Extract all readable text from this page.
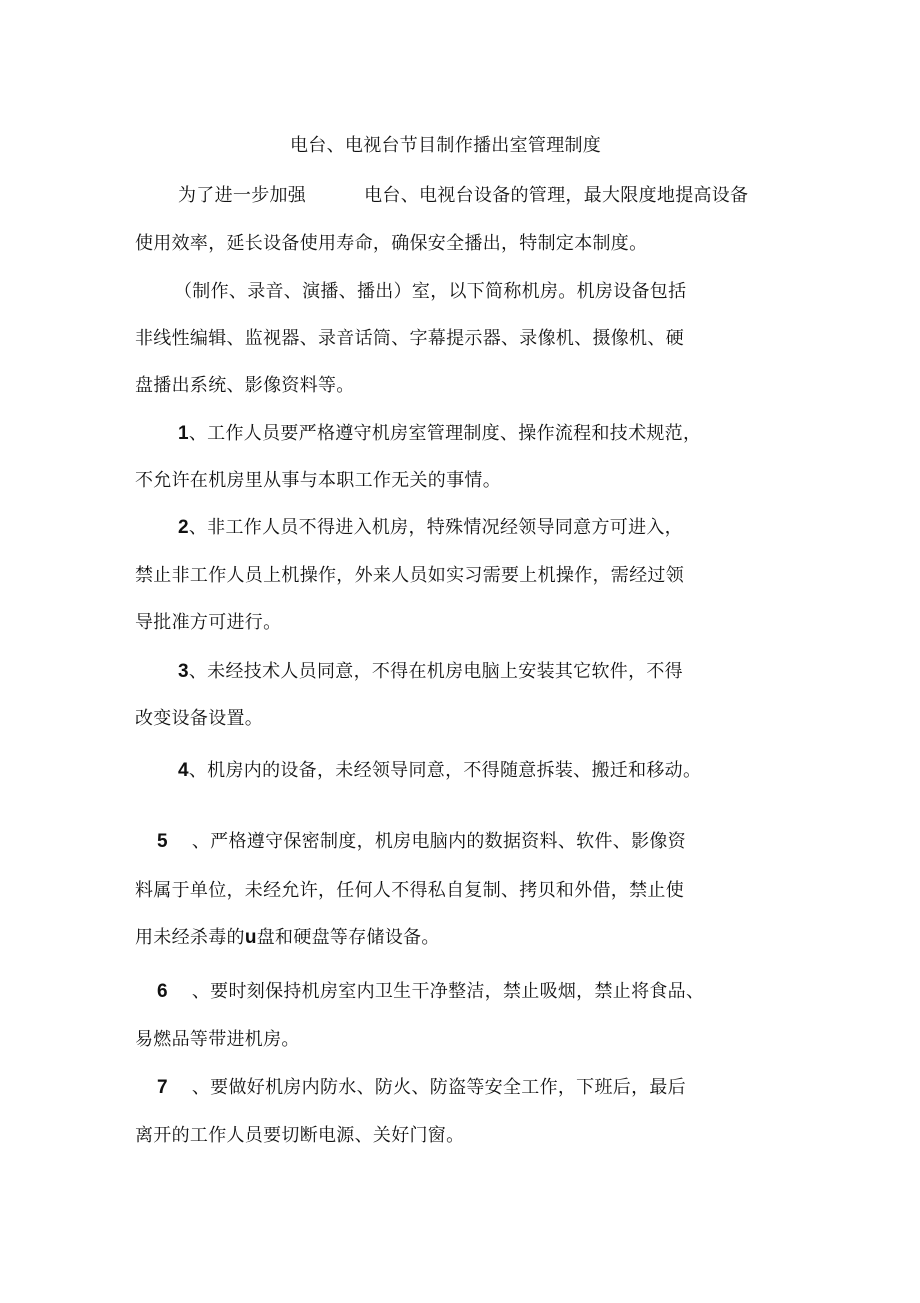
电台、电视台节目制作播出室管理制度
为了进一步加强	电台、电视台设备的管理，最大限度地提高设备
使用效率，延长设备使用寿命，确保安全播出，特制定本制度。
（制作、录音、演播、播出）室，以下简称机房。机房设备包括
非线性编辑、监视器、录音话筒、字幕提示器、录像机、摄像机、硬
盘播出系统、影像资料等。
1、工作人员要严格遵守机房室管理制度、操作流程和技术规范，
不允许在机房里从事与本职工作无关的事情。
2、非工作人员不得进入机房，特殊情况经领导同意方可进入，
禁止非工作人员上机操作，外来人员如实习需要上机操作，需经过领
导批准方可进行。
3、未经技术人员同意，不得在机房电脑上安装其它软件，不得
改变设备设置。
4、机房内的设备，未经领导同意，不得随意拆装、搬迁和移动。
5 、严格遵守保密制度，机房电脑内的数据资料、软件、影像资
料属于单位，未经允许，任何人不得私自复制、拷贝和外借，禁止使
用未经杀毒的u盘和硬盘等存储设备。
6 、要时刻保持机房室内卫生干净整洁，禁止吸烟，禁止将食品、
易燃品等带进机房。
7 、要做好机房内防水、防火、防盗等安全工作，下班后，最后
离开的工作人员要切断电源、关好门窗。
